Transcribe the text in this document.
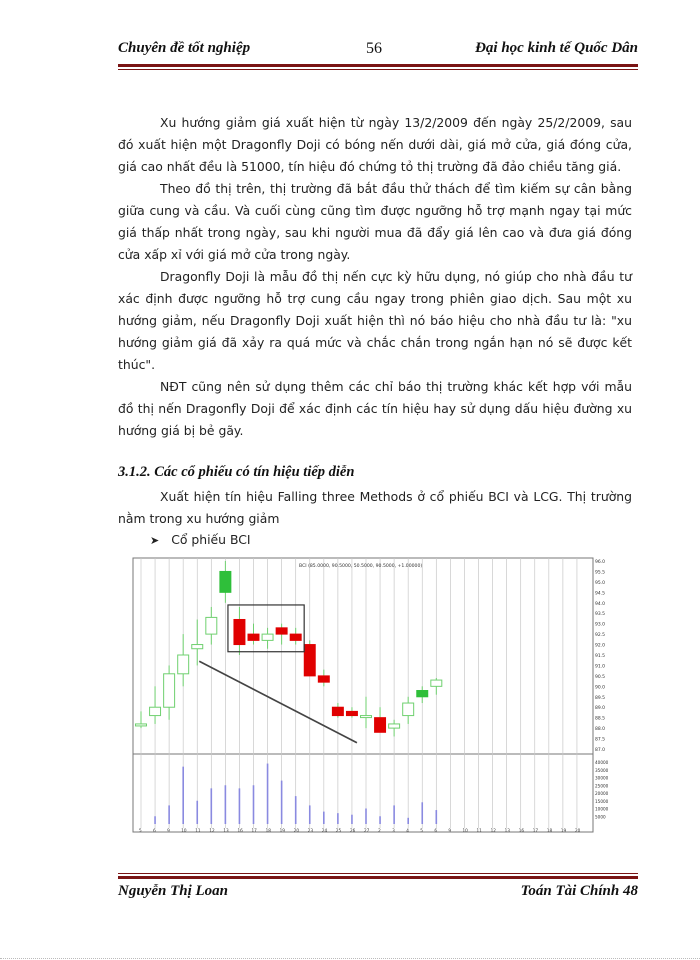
Chuyên đề tốt nghiệp	56	Đại học kinh tế Quốc Dân

Xu hướng giảm giá xuất hiện từ ngày 13/2/2009 đến ngày 25/2/2009, sau đó xuất hiện một Dragonfly Doji có bóng nến dưới dài, giá mở cửa, giá đóng cửa, giá cao nhất đều là 51000, tín hiệu đó chứng tỏ thị trường đã đảo chiều tăng giá.

Theo đồ thị trên, thị trường đã bắt đầu thử thách để tìm kiếm sự cân bằng giữa cung và cầu. Và cuối cùng cũng tìm được ngưỡng hỗ trợ mạnh ngay tại mức giá thấp nhất trong ngày, sau khi người mua đã đẩy giá lên cao và đưa giá đóng cửa xấp xỉ với giá mở cửa trong ngày.

Dragonfly Doji là mẫu đồ thị nến cực kỳ hữu dụng, nó giúp cho nhà đầu tư xác định được ngưỡng hỗ trợ cung cầu ngay trong phiên giao dịch. Sau một xu hướng giảm, nếu Dragonfly Doji xuất hiện thì nó báo hiệu cho nhà đầu tư là: "xu hướng giảm giá đã xảy ra quá mức và chắc chắn trong ngắn hạn nó sẽ được kết thúc".

NĐT cũng nên sử dụng thêm các chỉ báo thị trường khác kết hợp với mẫu đồ thị nến Dragonfly Doji để xác định các tín hiệu hay sử dụng dấu hiệu đường xu hướng giá bị bẻ gãy.

3.1.2. Các cổ phiếu có tín hiệu tiếp diễn

Xuất hiện tín hiệu Falling three Methods ở cổ phiếu BCI và LCG. Thị trường nằm trong xu hướng giảm

➤ Cổ phiếu BCI
96.0
95.5
95.0
94.5
94.0
93.5
93.0
92.5
92.0
91.5
91.0
90.5
90.0
89.5
89.0
88.5
88.0
87.5
87.0
BCI (85.0000, 90.5000, 50.5000, 90.5000, +1.00000)
40000
35000
30000
25000
20000
15000
10000
5000
5	6	9	10 11 12 13 16 17 18 19 20 23 24 25 26 27 2	3	4	5	6	9	10 11 12 13 16 17 18 19 20
Nguyễn Thị Loan	Toán Tài Chính 48
